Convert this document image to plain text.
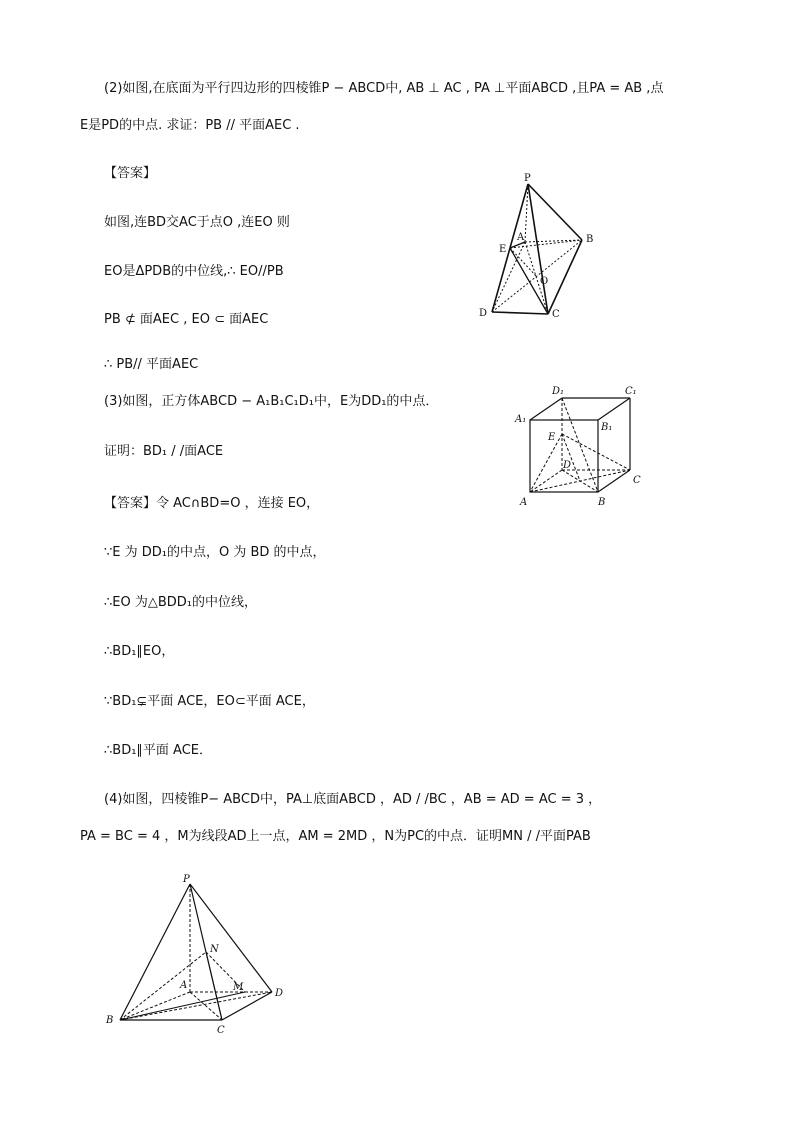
(2)如图,在底面为平行四边形的四棱锥P − ABCD中, AB ⊥ AC , PA ⊥平面ABCD ,且PA = AB ,点
E是PD的中点. 求证：PB // 平面AEC .
【答案】
如图,连BD交AC于点O ,连EO 则
EO是ΔPDB的中位线,∴ EO//PB
PB ⊄ 面AEC , EO ⊂ 面AEC
∴ PB// 平面AEC
P
B
E
A
O
D	C
(3)如图，正方体ABCD − A₁B₁C₁D₁中，E为DD₁的中点．
证明：BD₁ / /面ACE
【答案】令 AC∩BD=O ，连接 EO，
∵E 为 DD₁的中点，O 为 BD 的中点，
∴EO 为△BDD₁的中位线，
∴BD₁∥EO，
∵BD₁⊊平面 ACE，EO⊂平面 ACE，
∴BD₁∥平面 ACE．
D₁	C₁
A₁
B₁
E
D
C
A	B
(4)如图，四棱锥P− ABCD中，PA⊥底面ABCD ，AD / /BC ，AB = AD = AC = 3 ，
PA = BC = 4 ，M为线段AD上一点，AM = 2MD ，N为PC的中点．证明MN / /平面PAB
P
N
A	M
D
B
C
